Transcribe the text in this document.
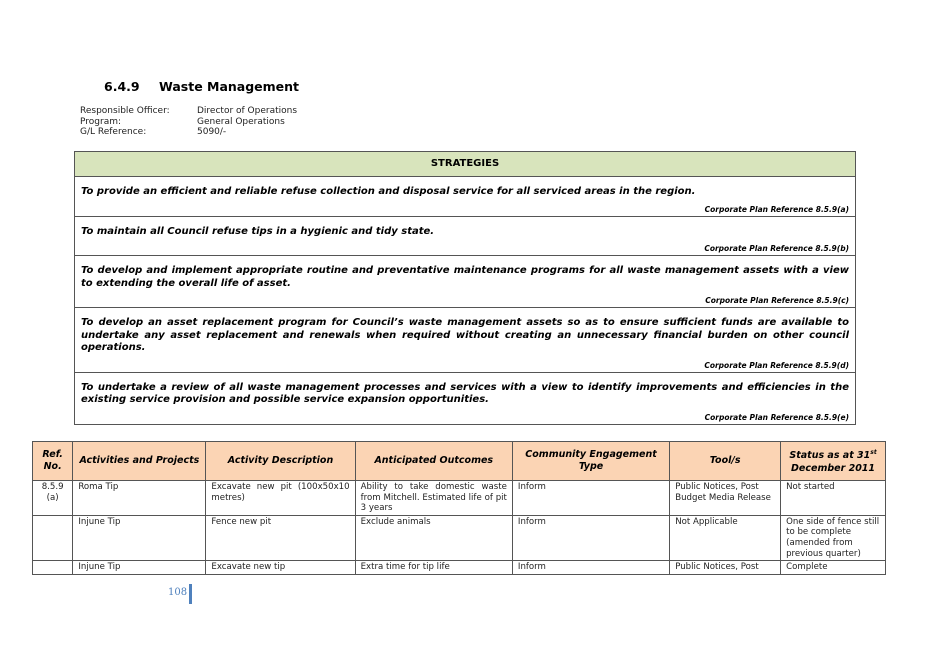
6.4.9 Waste Management
Responsible Officer:	Director of Operations
Program:	General Operations
G/L Reference:	5090/-
STRATEGIES
To provide an efficient and reliable refuse collection and disposal service for all serviced areas in the region.
Corporate Plan Reference 8.5.9(a)
To maintain all Council refuse tips in a hygienic and tidy state.
Corporate Plan Reference 8.5.9(b)
To develop and implement appropriate routine and preventative maintenance programs for all waste management assets with a view to extending the overall life of asset.
Corporate Plan Reference 8.5.9(c)
To develop an asset replacement program for Council’s waste management assets so as to ensure sufficient funds are available to undertake any asset replacement and renewals when required without creating an unnecessary financial burden on other council operations.
Corporate Plan Reference 8.5.9(d)
To undertake a review of all waste management processes and services with a view to identify improvements and efficiencies in the existing service provision and possible service expansion opportunities.
Corporate Plan Reference 8.5.9(e)
Ref. No.	Activities and Projects	Activity Description	Anticipated Outcomes	Community Engagement Type	Tool/s	Status as at 31st
December 2011
8.5.9 (a)	Roma Tip	Excavate new pit (100x50x10 metres)	Ability to take domestic waste from Mitchell. Estimated life of pit 3 years	Inform	Public Notices, Post Budget Media Release	Not started
	Injune Tip	Fence new pit	Exclude animals	Inform	Not Applicable	One side of fence still to be complete (amended from previous quarter)
	Injune Tip	Excavate new tip	Extra time for tip life	Inform	Public Notices, Post	Complete
108
